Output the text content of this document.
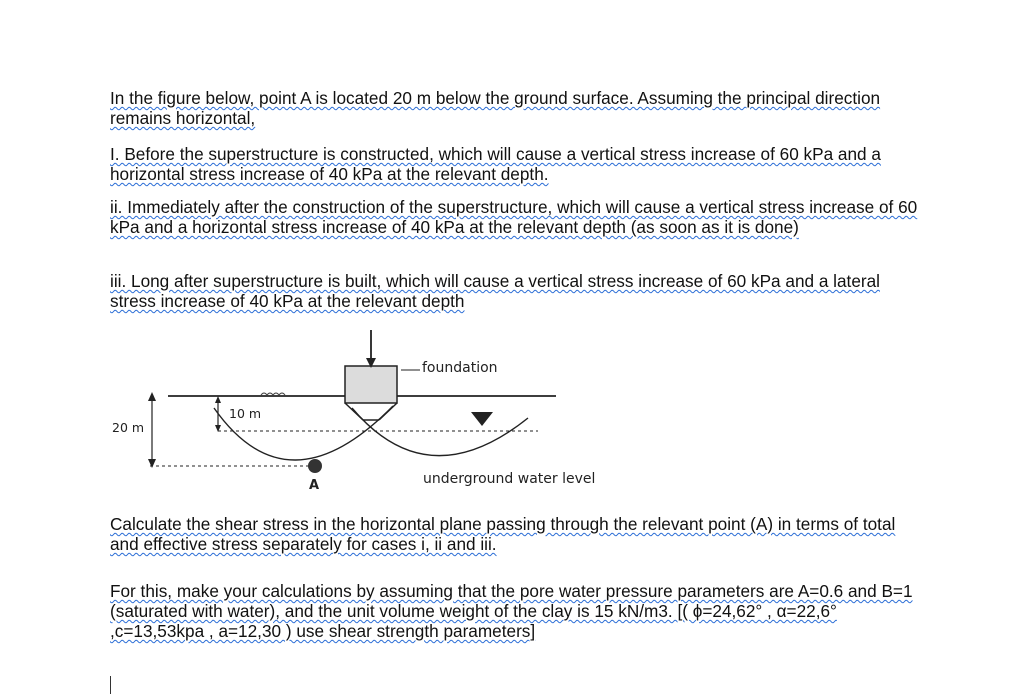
In the figure below, point A is located 20 m below the ground surface. Assuming the principal direction remains horizontal,

I. Before the superstructure is constructed, which will cause a vertical stress increase of 60 kPa and a horizontal stress increase of 40 kPa at the relevant depth.

ii. Immediately after the construction of the superstructure, which will cause a vertical stress increase of 60 kPa and a horizontal stress increase of 40 kPa at the relevant depth (as soon as it is done)

iii. Long after superstructure is built, which will cause a vertical stress increase of 60 kPa and a lateral stress increase of 40 kPa at the relevant depth

Calculate the shear stress in the horizontal plane passing through the relevant point (A) in terms of total and effective stress separately for cases i, ii and iii.

For this, make your calculations by assuming that the pore water pressure parameters are A=0.6 and B=1 (saturated with water), and the unit volume weight of the clay is 15 kN/m3. [( ϕ=24,62° , α=22,6° ,c=13,53kpa , a=12,30 ) use shear strength parameters]

foundation
10 m
20 m
A	underground water level
